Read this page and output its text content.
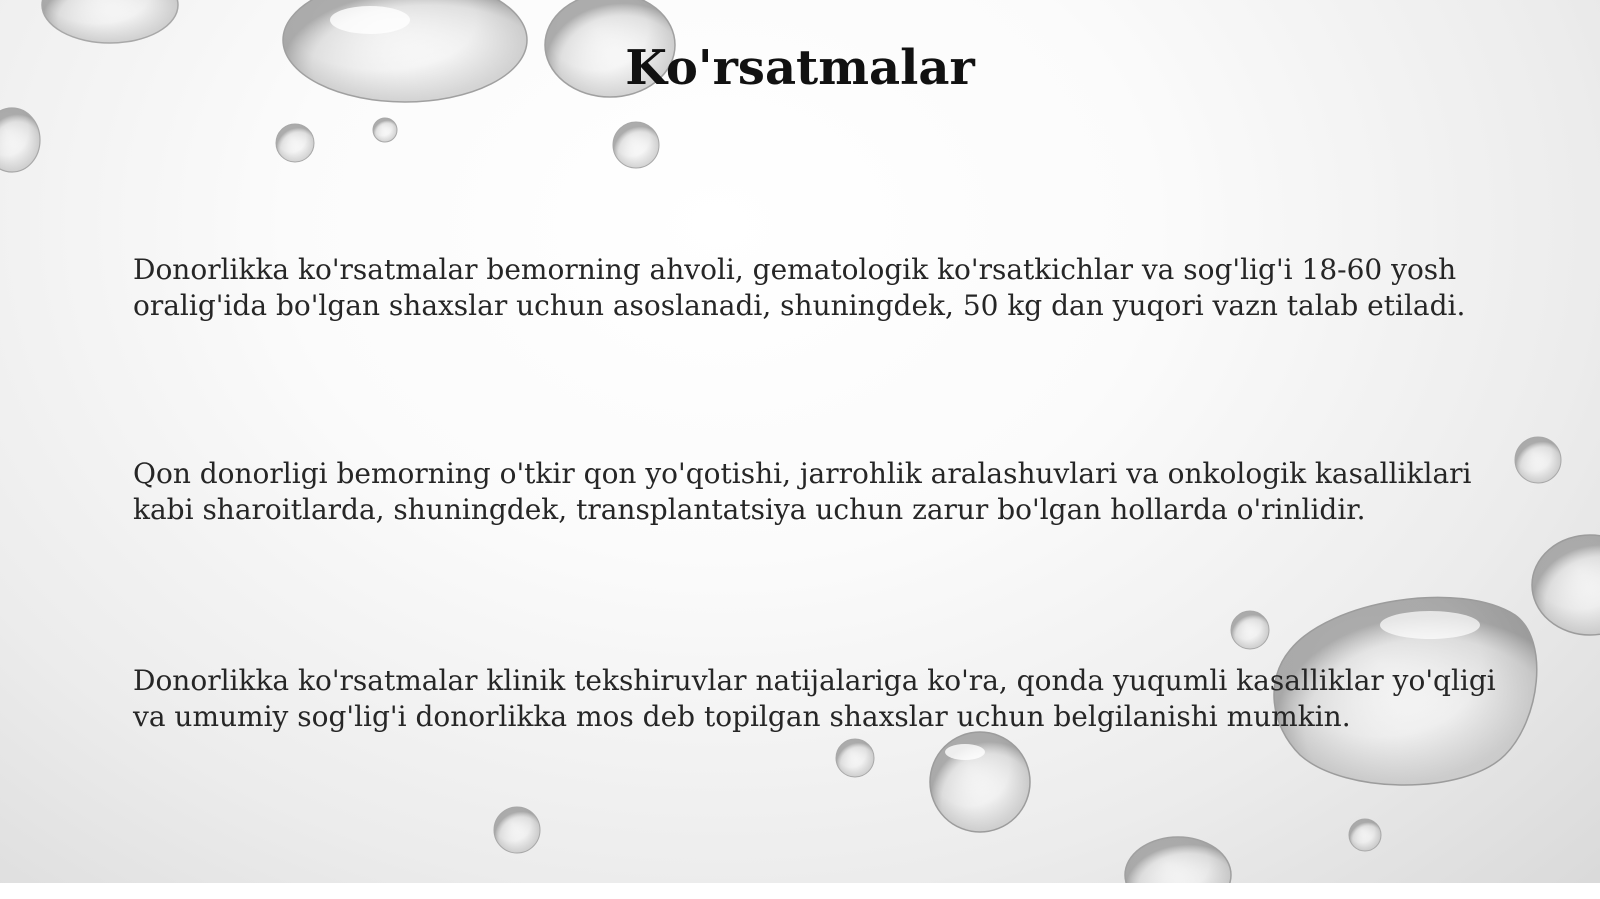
Ko'rsatmalar

Donorlikka ko'rsatmalar bemorning ahvoli, gematologik ko'rsatkichlar va sog'lig'i 18-60 yosh oralig'ida bo'lgan shaxslar uchun asoslanadi, shuningdek, 50 kg dan yuqori vazn talab etiladi.

Qon donorligi bemorning o'tkir qon yo'qotishi, jarrohlik aralashuvlari va onkologik kasalliklari kabi sharoitlarda, shuningdek, transplantatsiya uchun zarur bo'lgan hollarda o'rinlidir.

Donorlikka ko'rsatmalar klinik tekshiruvlar natijalariga ko'ra, qonda yuqumli kasalliklar yo'qligi va umumiy sog'lig'i donorlikka mos deb topilgan shaxslar uchun belgilanishi mumkin.
